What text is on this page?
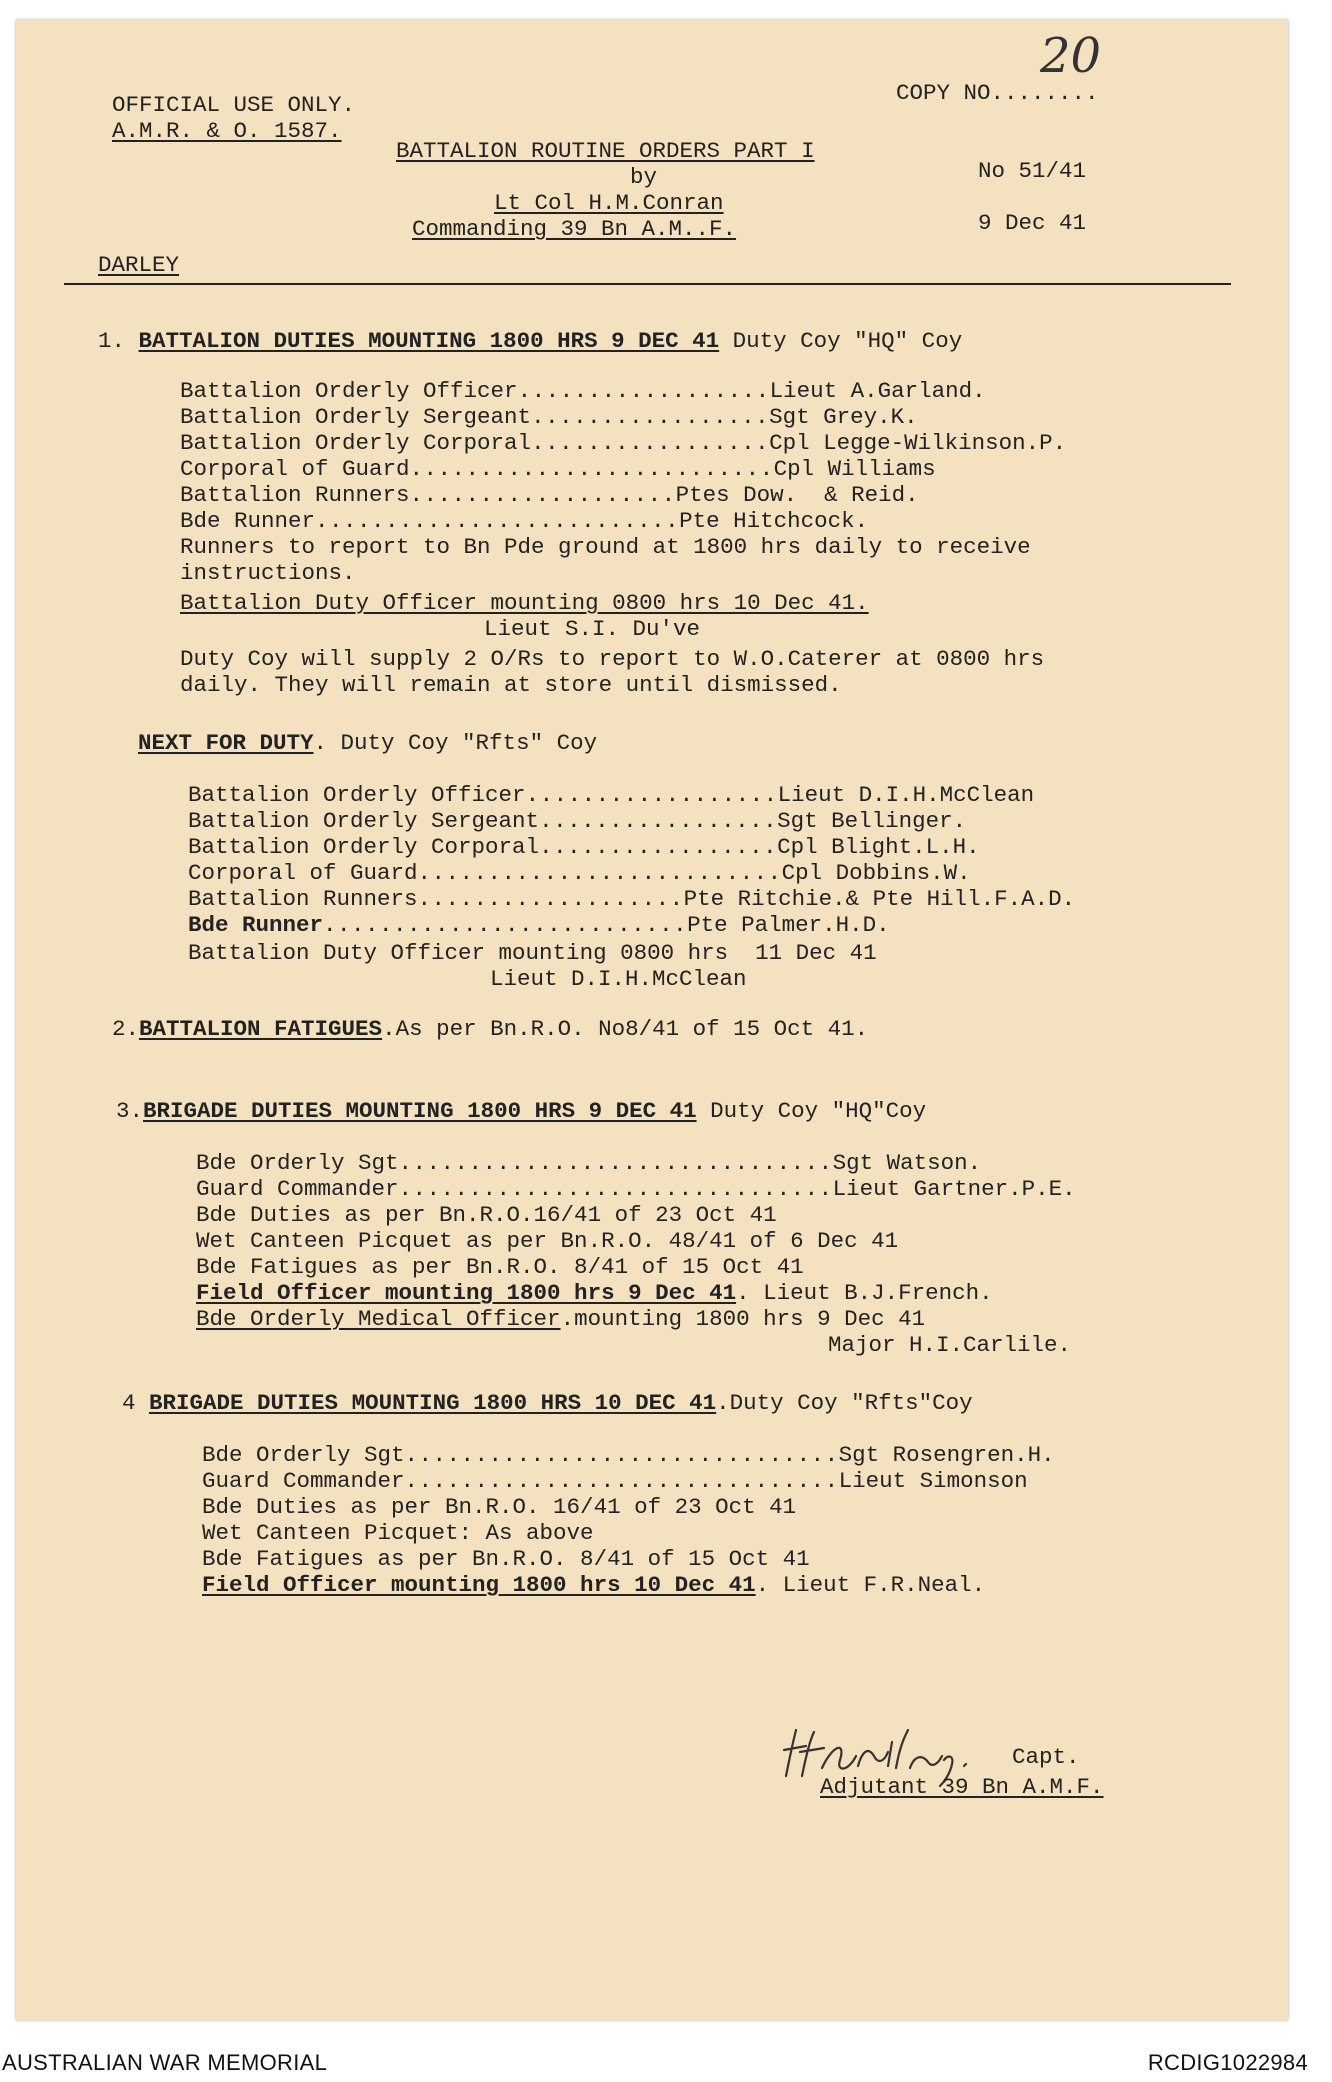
OFFICIAL USE ONLY.
A.M.R. & O. 1587.
COPY NO........
20
BATTALION ROUTINE ORDERS PART I
by
Lt Col H.M.Conran
Commanding 39 Bn A.M..F.
No 51/41
9 Dec 41
DARLEY
1. BATTALION DUTIES MOUNTING 1800 HRS 9 DEC 41 Duty Coy "HQ" Coy
Battalion Orderly Officer..................Lieut A.Garland.
Battalion Orderly Sergeant.................Sgt Grey.K.
Battalion Orderly Corporal.................Cpl Legge-Wilkinson.P.
Corporal of Guard..........................Cpl Williams
Battalion Runners...................Ptes Dow.  & Reid.
Bde Runner..........................Pte Hitchcock.
Runners to report to Bn Pde ground at 1800 hrs daily to receive
instructions.
Battalion Duty Officer mounting 0800 hrs 10 Dec 41.
Lieut S.I. Du've
Duty Coy will supply 2 O/Rs to report to W.O.Caterer at 0800 hrs
daily. They will remain at store until dismissed.
NEXT FOR DUTY. Duty Coy "Rfts" Coy
Battalion Orderly Officer..................Lieut D.I.H.McClean
Battalion Orderly Sergeant.................Sgt Bellinger.
Battalion Orderly Corporal.................Cpl Blight.L.H.
Corporal of Guard..........................Cpl Dobbins.W.
Battalion Runners...................Pte Ritchie.& Pte Hill.F.A.D.
Bde Runner..........................Pte Palmer.H.D.
Battalion Duty Officer mounting 0800 hrs  11 Dec 41
Lieut D.I.H.McClean
2.BATTALION FATIGUES.As per Bn.R.O. No8/41 of 15 Oct 41.
3.BRIGADE DUTIES MOUNTING 1800 HRS 9 DEC 41 Duty Coy "HQ"Coy
Bde Orderly Sgt...............................Sgt Watson.
Guard Commander...............................Lieut Gartner.P.E.
Bde Duties as per Bn.R.O.16/41 of 23 Oct 41
Wet Canteen Picquet as per Bn.R.O. 48/41 of 6 Dec 41
Bde Fatigues as per Bn.R.O. 8/41 of 15 Oct 41
Field Officer mounting 1800 hrs 9 Dec 41. Lieut B.J.French.
Bde Orderly Medical Officer.mounting 1800 hrs 9 Dec 41
Major H.I.Carlile.
4 BRIGADE DUTIES MOUNTING 1800 HRS 10 DEC 41.Duty Coy "Rfts"Coy
Bde Orderly Sgt...............................Sgt Rosengren.H.
Guard Commander...............................Lieut Simonson
Bde Duties as per Bn.R.O. 16/41 of 23 Oct 41
Wet Canteen Picquet: As above
Bde Fatigues as per Bn.R.O. 8/41 of 15 Oct 41
Field Officer mounting 1800 hrs 10 Dec 41. Lieut F.R.Neal.
Capt.
Adjutant 39 Bn A.M.F.
AUSTRALIAN WAR MEMORIAL	RCDIG1022984
